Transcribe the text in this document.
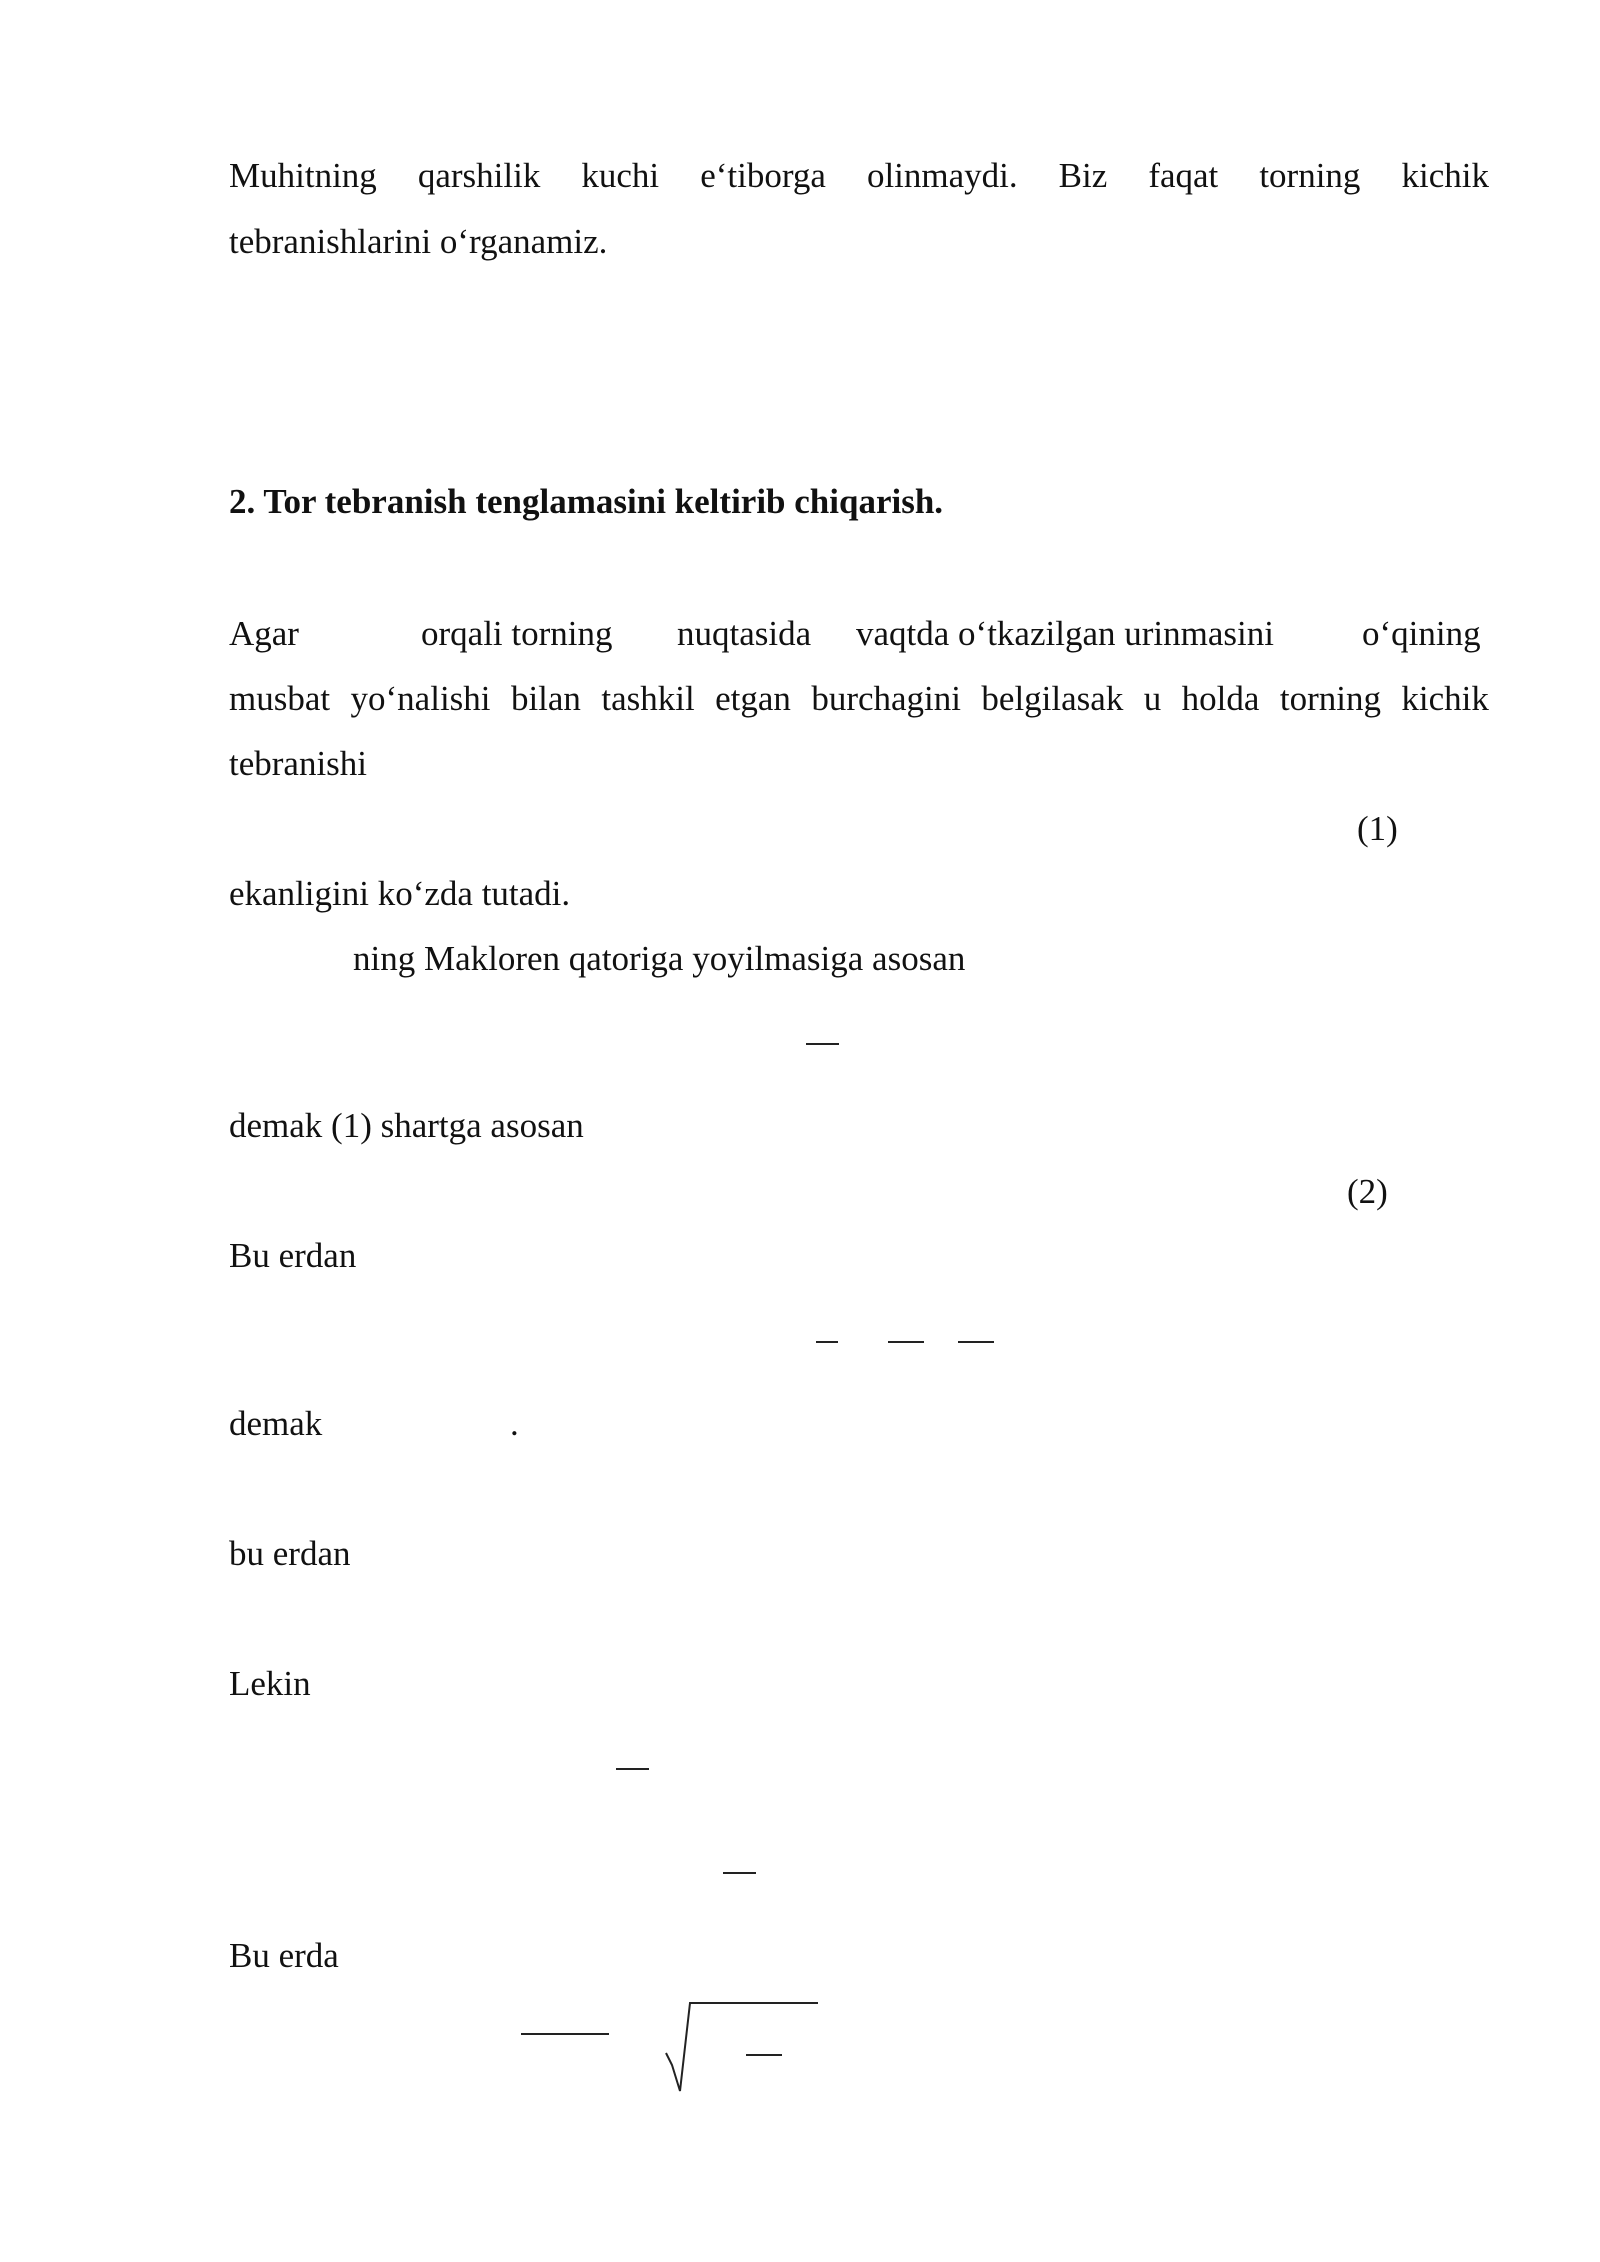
Muhitning qarshilik kuchi e‘tiborga olinmaydi. Biz faqat torning kichik
tebranishlarini o‘rganamiz.
2. Tor tebranish tenglamasini keltirib chiqarish.
Agar	orqali torning nuqtasida vaqtda o‘tkazilgan urinmasini	o‘qining
musbat yo‘nalishi bilan tashkil etgan burchagini belgilasak u holda torning kichik
tebranishi
(1)
ekanligini ko‘zda tutadi.
ning Makloren qatoriga yoyilmasiga asosan
demak (1) shartga asosan
(2)
Bu erdan
demak	.
bu erdan
Lekin
Bu erda
